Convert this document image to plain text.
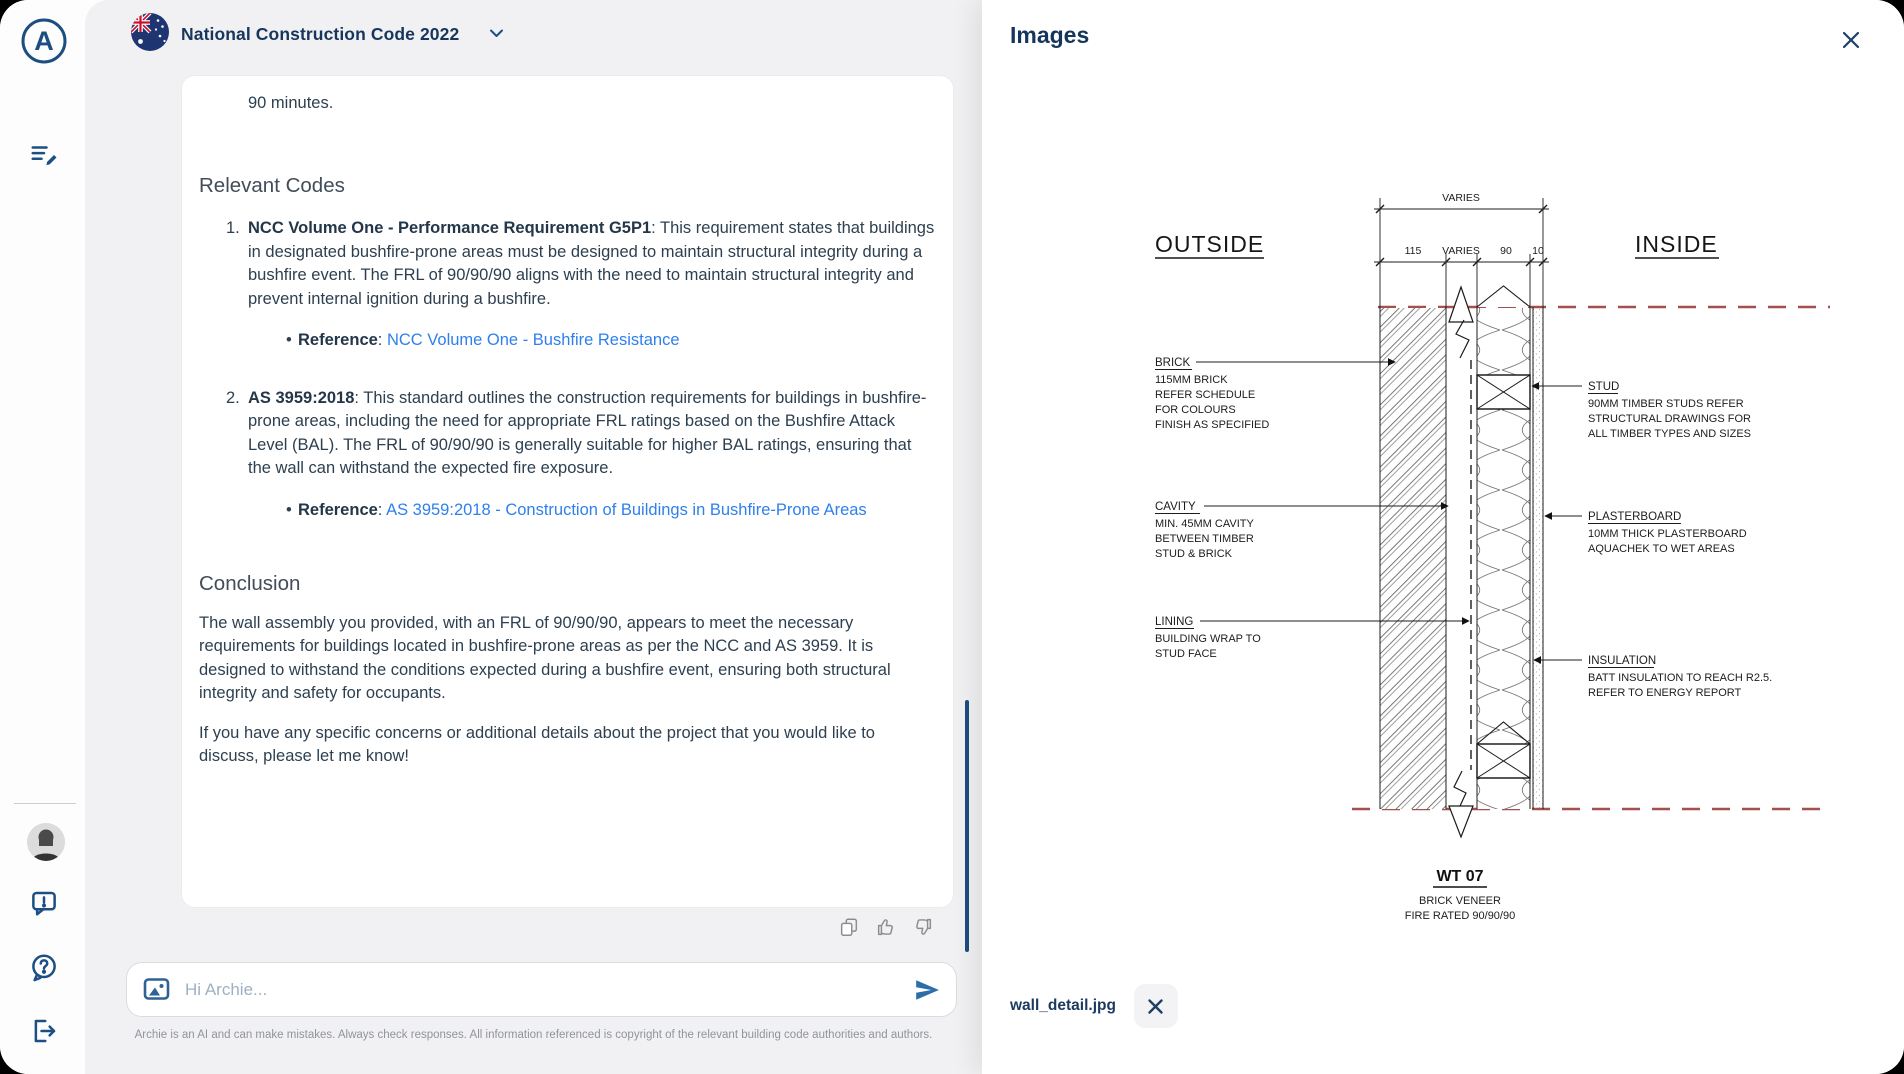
A	National Construction Code 2022

90 minutes.

Relevant Codes
1. NCC Volume One - Performance Requirement G5P1: This requirement states that buildings in designated bushfire-prone areas must be designed to maintain structural integrity during a bushfire event. The FRL of 90/90/90 aligns with the need to maintain structural integrity and prevent internal ignition during a bushfire.
• Reference: NCC Volume One - Bushfire Resistance
2. AS 3959:2018: This standard outlines the construction requirements for buildings in bushfire-prone areas, including the need for appropriate FRL ratings based on the Bushfire Attack Level (BAL). The FRL of 90/90/90 is generally suitable for higher BAL ratings, ensuring that the wall can withstand the expected fire exposure.
• Reference: AS 3959:2018 - Construction of Buildings in Bushfire-Prone Areas
Conclusion

The wall assembly you provided, with an FRL of 90/90/90, appears to meet the necessary requirements for buildings located in bushfire-prone areas as per the NCC and AS 3959. It is designed to withstand the conditions expected during a bushfire event, ensuring both structural integrity and safety for occupants.

If you have any specific concerns or additional details about the project that you would like to discuss, please let me know!

Hi Archie...

Archie is an AI and can make mistakes. Always check responses. All information referenced is copyright of the relevant building code authorities and authors.

Images
VARIES
115 VARIES 90 10
OUTSIDE	INSIDE
BRICK
115MM BRICK
REFER SCHEDULE
FOR COLOURS
FINISH AS SPECIFIED
CAVITY
MIN. 45MM CAVITY
BETWEEN TIMBER
STUD & BRICK
LINING
BUILDING WRAP TO
STUD FACE
STUD
90MM TIMBER STUDS REFER
STRUCTURAL DRAWINGS FOR
ALL TIMBER TYPES AND SIZES
PLASTERBOARD
10MM THICK PLASTERBOARD
AQUACHEK TO WET AREAS
INSULATION
BATT INSULATION TO REACH R2.5.
REFER TO ENERGY REPORT
WT 07
BRICK VENEER
FIRE RATED 90/90/90
wall_detail.jpg
